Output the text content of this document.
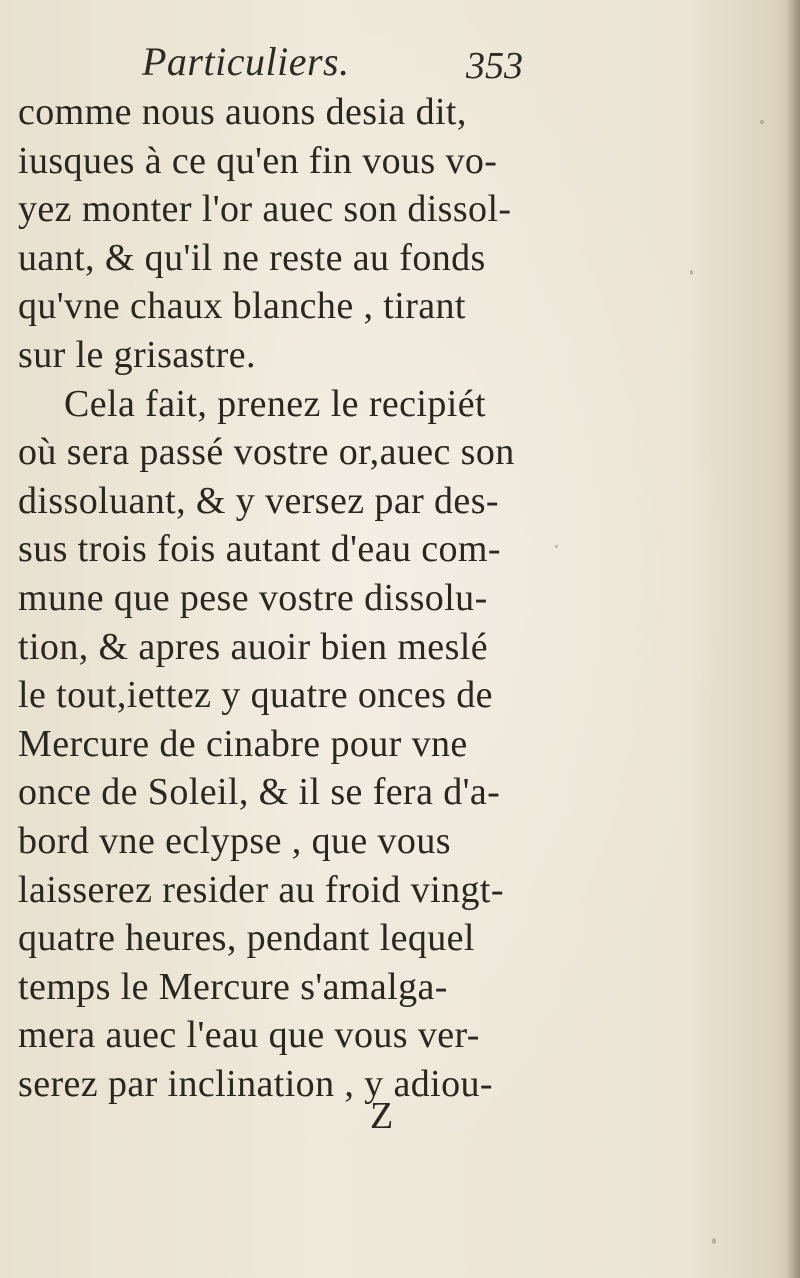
Particuliers.	353
comme nous auons desia dit,
iusques à ce qu'en fin vous vo-
yez monter l'or auec son dissol-
uant, & qu'il ne reste au fonds
qu'vne chaux blanche , tirant
sur le grisastre.
Cela fait, prenez le recipiét
où sera passé vostre or,auec son
dissoluant, & y versez par des-
sus trois fois autant d'eau com-
mune que pese vostre dissolu-
tion, & apres auoir bien meslé
le tout,iettez y quatre onces de
Mercure de cinabre pour vne
once de Soleil, & il se fera d'a-
bord vne eclypse , que vous
laisserez resider au froid vingt-
quatre heures, pendant lequel
temps le Mercure s'amalga-
mera auec l'eau que vous ver-
serez par inclination , y adiou-
Z
